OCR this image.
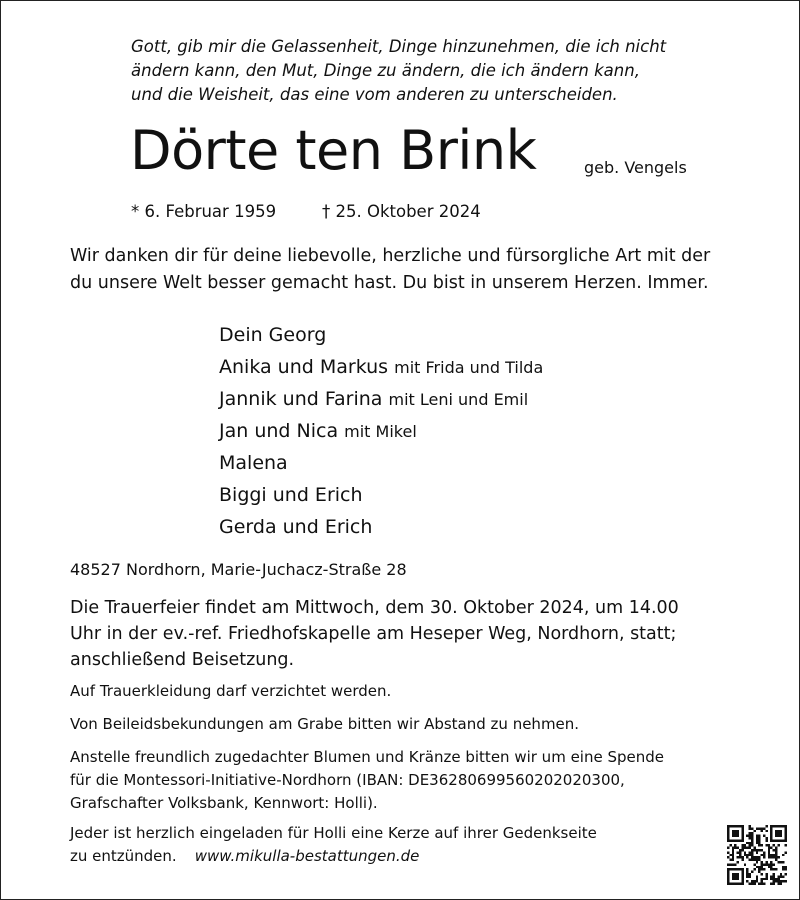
Gott, gib mir die Gelassenheit, Dinge hinzunehmen, die ich nicht
ändern kann, den Mut, Dinge zu ändern, die ich ändern kann,
und die Weisheit, das eine vom anderen zu unterscheiden.
Dörte ten Brink	geb. Vengels
* 6. Februar 1959	† 25. Oktober 2024
Wir danken dir für deine liebevolle, herzliche und fürsorgliche Art mit der
du unsere Welt besser gemacht hast. Du bist in unserem Herzen. Immer.
Dein Georg
Anika und Markus mit Frida und Tilda
Jannik und Farina mit Leni und Emil
Jan und Nica mit Mikel
Malena
Biggi und Erich
Gerda und Erich
48527 Nordhorn, Marie-Juchacz-Straße 28
Die Trauerfeier findet am Mittwoch, dem 30. Oktober 2024, um 14.00
Uhr in der ev.-ref. Friedhofskapelle am Heseper Weg, Nordhorn, statt;
anschließend Beisetzung.
Auf Trauerkleidung darf verzichtet werden.
Von Beileidsbekundungen am Grabe bitten wir Abstand zu nehmen.
Anstelle freundlich zugedachter Blumen und Kränze bitten wir um eine Spende
für die Montessori-Initiative-Nordhorn (IBAN: DE36280699560202020300,
Grafschafter Volksbank, Kennwort: Holli).
Jeder ist herzlich eingeladen für Holli eine Kerze auf ihrer Gedenkseite
zu entzünden. www.mikulla-bestattungen.de
